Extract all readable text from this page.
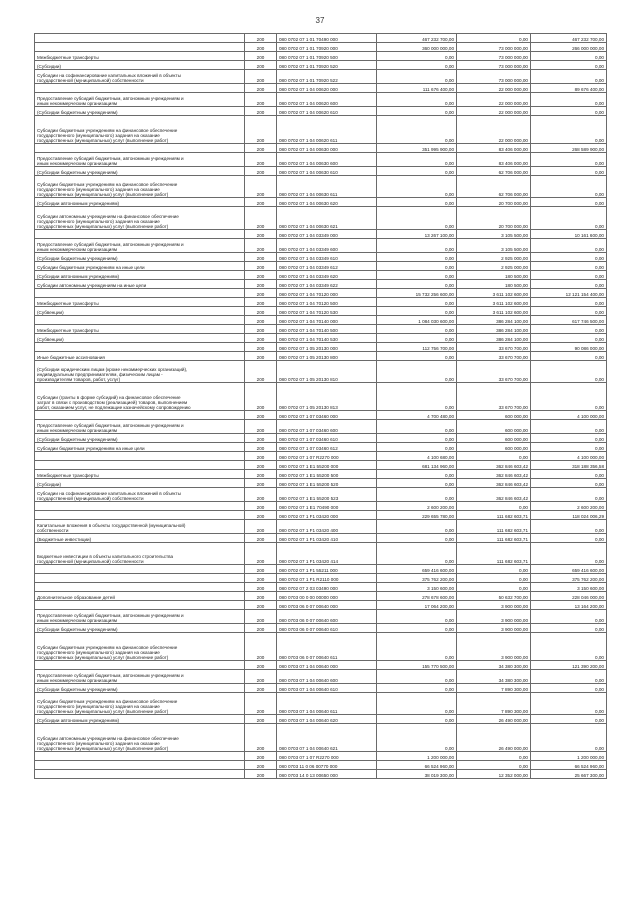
37
	200	080 0702 07 1 01 70490 000	467 232 700,00	0,00	467 232 700,00
	200	080 0702 07 1 01 70920 000	360 000 000,00	73 000 000,00	266 000 000,00
Межбюджетные трансферты	200	080 0702 07 1 01 70920 500	0,00	73 000 000,00	0,00
(Субсидии)	200	080 0702 07 1 01 70920 520	0,00	73 000 000,00	0,00
Субсидии на софинансирование капитальных вложений в объекты
государственной (муниципальной) собственности	200	080 0702 07 1 01 70920 522	0,00	73 000 000,00	0,00
	200	080 0702 07 1 04 00620 000	111 676 400,00	22 000 000,00	89 676 400,00
Предоставление субсидий бюджетным, автономным учреждениям и
иным некоммерческим организациям	200	080 0702 07 1 04 00620 600	0,00	22 000 000,00	0,00
(Субсидии бюджетным учреждениям)	200	080 0702 07 1 04 00620 610	0,00	22 000 000,00	0,00
Субсидии бюджетным учреждениям на финансовое обеспечение
государственного (муниципального) задания на оказание
государственных (муниципальных) услуг (выполнение работ)	200	080 0702 07 1 04 00620 611	0,00	22 000 000,00	0,00
	200	080 0702 07 1 04 00630 000	351 995 900,00	83 406 000,00	268 589 900,00
Предоставление субсидий бюджетным, автономным учреждениям и
иным некоммерческим организациям	200	080 0702 07 1 04 00630 600	0,00	83 406 000,00	0,00
(Субсидии бюджетным учреждениям)	200	080 0702 07 1 04 00630 610	0,00	62 706 000,00	0,00
Субсидии бюджетным учреждениям на финансовое обеспечение
государственного (муниципального) задания на оказание
государственных (муниципальных) услуг (выполнение работ)	200	080 0702 07 1 04 00630 611	0,00	62 706 000,00	0,00
(Субсидии автономным учреждениям)	200	080 0702 07 1 04 00630 620	0,00	20 700 000,00	0,00
Субсидии автономным учреждениям на финансовое обеспечение
государственного (муниципального) задания на оказание
государственных (муниципальных) услуг (выполнение работ)	200	080 0702 07 1 04 00630 621	0,00	20 700 000,00	0,00
	200	080 0702 07 1 04 03349 000	13 267 100,00	3 105 500,00	10 161 600,00
Предоставление субсидий бюджетным, автономным учреждениям и
иным некоммерческим организациям	200	080 0702 07 1 04 03349 600	0,00	3 105 500,00	0,00
(Субсидии бюджетным учреждениям)	200	080 0702 07 1 04 03349 610	0,00	2 925 000,00	0,00
Субсидии бюджетным учреждениям на иные цели	200	080 0702 07 1 04 03349 612	0,00	2 925 000,00	0,00
(Субсидии автономным учреждениям)	200	080 0702 07 1 04 03349 620	0,00	180 500,00	0,00
Субсидии автономным учреждениям на иные цели	200	080 0702 07 1 04 03349 622	0,00	180 500,00	0,00
	200	080 0702 07 1 04 70120 000	15 732 256 600,00	3 611 102 600,00	12 121 154 400,00
Межбюджетные трансферты	200	080 0702 07 1 04 70120 500	0,00	3 611 102 600,00	0,00
(Субвенции)	200	080 0702 07 1 04 70120 530	0,00	3 611 102 600,00	0,00
	200	080 0702 07 1 04 70140 000	1 084 030 600,00	386 284 100,00	617 746 500,00
Межбюджетные трансферты	200	080 0702 07 1 04 70140 500	0,00	386 284 100,00	0,00
(Субвенции)	200	080 0702 07 1 04 70140 530	0,00	386 284 100,00	0,00
	200	080 0702 07 1 05 20130 000	112 756 700,00	33 670 700,00	90 086 000,00
Иные бюджетные ассигнования	200	080 0702 07 1 05 20130 800	0,00	33 670 700,00	0,00
(Субсидии юридическим лицам (кроме некоммерческих организаций),
индивидуальным предпринимателям, физическим лицам -
производителям товаров, работ, услуг)	200	080 0702 07 1 05 20130 810	0,00	33 670 700,00	0,00
Субсидии (гранты в форме субсидий) на финансовое обеспечение
затрат в связи с производством (реализацией) товаров, выполнением
работ, оказанием услуг, не подлежащие казначейскому сопровождению	200	080 0702 07 1 05 20130 813	0,00	33 670 700,00	0,00
	200	080 0702 07 1 07 03460 000	4 700 480,00	600 000,00	4 100 000,00
Предоставление субсидий бюджетным, автономным учреждениям и
иным некоммерческим организациям	200	080 0702 07 1 07 03460 600	0,00	600 000,00	0,00
(Субсидии бюджетным учреждениям)	200	080 0702 07 1 07 03460 610	0,00	600 000,00	0,00
Субсидии бюджетным учреждениям на иные цели	200	080 0702 07 1 07 03460 612	0,00	600 000,00	0,00
	200	080 0702 07 1 07 R2270 000	4 100 680,00	0,00	4 100 000,00
	200	080 0702 07 1 E1 55200 000	681 134 960,00	362 846 603,42	318 188 356,58
Межбюджетные трансферты	200	080 0702 07 1 E1 55200 500	0,00	362 846 603,42	0,00
(Субсидии)	200	080 0702 07 1 E1 55200 520	0,00	362 846 603,42	0,00
Субсидии на софинансирование капитальных вложений в объекты
государственной (муниципальной) собственности	200	080 0702 07 1 E1 55200 523	0,00	362 846 603,42	0,00
	200	080 0702 07 1 E1 70490 000	2 600 200,00	0,00	2 600 200,00
	200	080 0702 07 1 F1 03420 000	229 655 780,00	111 682 603,71	118 024 006,29
Капитальные вложения в объекты государственной (муниципальной)
собственности	200	080 0702 07 1 F1 03420 400	0,00	111 682 603,71	0,00
(Бюджетные инвестиции)	200	080 0702 07 1 F1 03420 410	0,00	111 682 603,71	0,00
Бюджетные инвестиции в объекты капитального строительства
государственной (муниципальной) собственности	200	080 0702 07 1 F1 03420 414	0,00	111 682 603,71	0,00
	200	080 0702 07 1 F1 55211 000	659 416 600,00	0,00	659 416 600,00
	200	080 0702 07 1 F1 R2110 000	375 762 200,00	0,00	375 762 200,00
	200	080 0702 07 2 03 03490 000	3 150 600,00	0,00	3 150 600,00
Дополнительное образование детей	200	080 0703 00 0 00 00000 000	278 678 600,00	50 632 700,00	228 046 000,00
	200	080 0703 06 0 07 00640 000	17 064 200,00	3 900 000,00	13 164 200,00
Предоставление субсидий бюджетным, автономным учреждениям и
иным некоммерческим организациям	200	080 0703 06 0 07 00640 600	0,00	3 900 000,00	0,00
(Субсидии бюджетным учреждениям)	200	080 0703 06 0 07 00640 610	0,00	3 900 000,00	0,00
Субсидии бюджетным учреждениям на финансовое обеспечение
государственного (муниципального) задания на оказание
государственных (муниципальных) услуг (выполнение работ)	200	080 0703 06 0 07 00640 611	0,00	3 900 000,00	0,00
	200	080 0703 07 1 04 00640 000	155 770 500,00	34 380 300,00	121 390 200,00
Предоставление субсидий бюджетным, автономным учреждениям и
иным некоммерческим организациям	200	080 0703 07 1 04 00640 600	0,00	34 380 300,00	0,00
(Субсидии бюджетным учреждениям)	200	080 0703 07 1 04 00640 610	0,00	7 890 300,00	0,00
Субсидии бюджетным учреждениям на финансовое обеспечение
государственного (муниципального) задания на оказание
государственных (муниципальных) услуг (выполнение работ)	200	080 0703 07 1 04 00640 611	0,00	7 890 300,00	0,00
(Субсидии автономным учреждениям)	200	080 0703 07 1 04 00640 620	0,00	26 490 000,00	0,00
Субсидии автономным учреждениям на финансовое обеспечение
государственного (муниципального) задания на оказание
государственных (муниципальных) услуг (выполнение работ)	200	080 0703 07 1 04 00640 621	0,00	26 490 000,00	0,00
	200	080 0703 07 1 07 R2270 000	1 200 000,00	0,00	1 200 000,00
	200	080 0703 11 0 06 00770 000	66 524 960,00	0,00	66 524 960,00
	200	080 0703 14 0 13 00650 000	38 019 300,00	12 352 000,00	25 667 300,00
